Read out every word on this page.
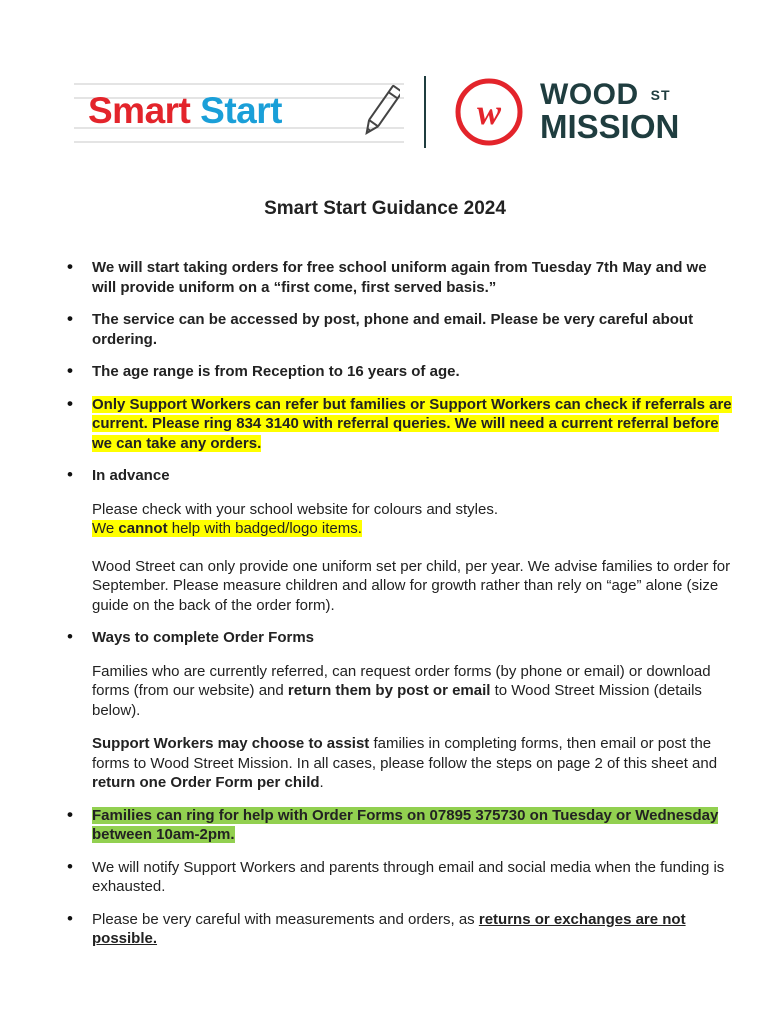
Smart Start	w WOOD $^{ST}$
MISSION
Smart Start Guidance 2024
• We will start taking orders for free school uniform again from Tuesday 7th May and we will provide uniform on a “first come, first served basis.”
• The service can be accessed by post, phone and email. Please be very careful about ordering.
• The age range is from Reception to 16 years of age.
• Only Support Workers can refer but families or Support Workers can check if referrals are current. Please ring 834 3140 with referral queries. We will need a current referral before we can take any orders.

• In advance

Please check with your school website for colours and styles.

We cannot help with badged/logo items.

Wood Street can only provide one uniform set per child, per year. We advise families to order for September. Please measure children and allow for growth rather than rely on “age” alone (size guide on the back of the order form).

• Ways to complete Order Forms

Families who are currently referred, can request order forms (by phone or email) or download forms (from our website) and return them by post or email to Wood Street Mission (details below).

Support Workers may choose to assist families in completing forms, then email or post the forms to Wood Street Mission. In all cases, please follow the steps on page 2 of this sheet and return one Order Form per child.

• Families can ring for help with Order Forms on 07895 375730 on Tuesday or Wednesday between 10am-2pm.
• We will notify Support Workers and parents through email and social media when the funding is exhausted.
• Please be very careful with measurements and orders, as returns or exchanges are not possible.
